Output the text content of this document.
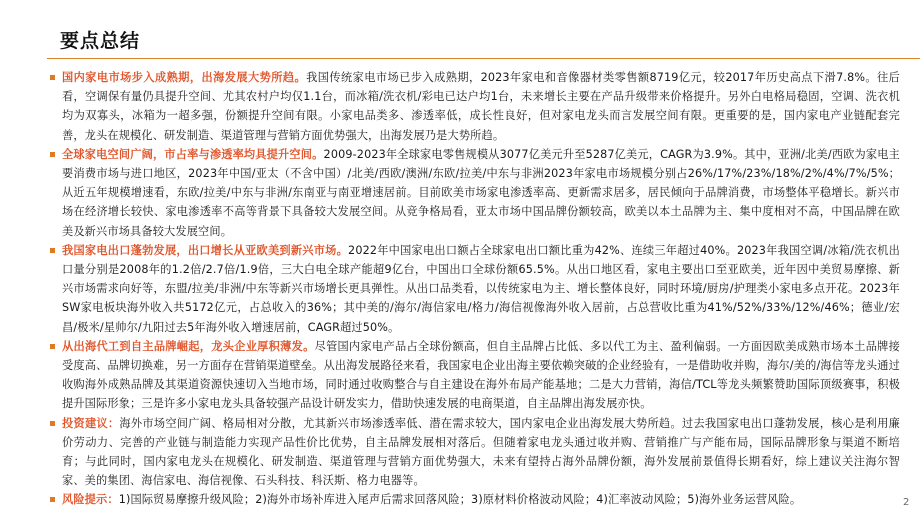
要点总结

国内家电市场步入成熟期，出海发展大势所趋。我国传统家电市场已步入成熟期，2023年家电和音像器材类零售额8719亿元，较2017年历史高点下滑7.8%。往后看，空调保有量仍具提升空间、尤其农村户均仅1.1台，而冰箱/洗衣机/彩电已达户均1台，未来增长主要在产品升级带来价格提升。另外白电格局稳固，空调、洗衣机均为双寡头，冰箱为一超多强，份额提升空间有限。小家电品类多、渗透率低，成长性良好，但对家电龙头而言发展空间有限。更重要的是，国内家电产业链配套完善，龙头在规模化、研发制造、渠道管理与营销方面优势强大，出海发展乃是大势所趋。

全球家电空间广阔，市占率与渗透率均具提升空间。2009-2023年全球家电零售规模从3077亿美元升至5287亿美元，CAGR为3.9%。其中，亚洲/北美/西欧为家电主要消费市场与进口地区，2023年中国/亚太（不含中国）/北美/西欧/澳洲/东欧/拉美/中东与非洲2023年家电市场规模分别占26%/17%/23%/18%/2%/4%/7%/5%；从近五年规模增速看，东欧/拉美/中东与非洲/东南亚与南亚增速居前。目前欧美市场家电渗透率高、更新需求居多，居民倾向于品牌消费，市场整体平稳增长。新兴市场在经济增长较快、家电渗透率不高等背景下具备较大发展空间。从竞争格局看，亚太市场中国品牌份额较高，欧美以本土品牌为主、集中度相对不高，中国品牌在欧美及新兴市场具备较大发展空间。

我国家电出口蓬勃发展，出口增长从亚欧美到新兴市场。2022年中国家电出口额占全球家电出口额比重为42%、连续三年超过40%。2023年我国空调/冰箱/洗衣机出口量分别是2008年的1.2倍/2.7倍/1.9倍，三大白电全球产能超9亿台，中国出口全球份额65.5%。从出口地区看，家电主要出口至亚欧美，近年因中美贸易摩擦、新兴市场需求向好等，东盟/拉美/非洲/中东等新兴市场增长更具弹性。从出口品类看，以传统家电为主、增长整体良好，同时环境/厨房/护理类小家电多点开花。2023年SW家电板块海外收入共5172亿元，占总收入的36%；其中美的/海尔/海信家电/格力/海信视像海外收入居前，占总营收比重为41%/52%/33%/12%/46%；德业/宏昌/极米/星帅尔/九阳过去5年海外收入增速居前，CAGR超过50%。

从出海代工到自主品牌崛起，龙头企业厚积薄发。尽管国内家电产品占全球份额高，但自主品牌占比低、多以代工为主、盈利偏弱。一方面因欧美成熟市场本土品牌接受度高、品牌切换难，另一方面存在营销渠道壁垒。从出海发展路径来看，我国家电企业出海主要依赖突破的企业经验有，一是借助收并购，海尔/美的/海信等龙头通过收购海外成熟品牌及其渠道资源快速切入当地市场，同时通过收购整合与自主建设在海外布局产能基地；二是大力营销，海信/TCL等龙头频繁赞助国际顶级赛事，积极提升国际形象；三是许多小家电龙头具备较强产品设计研发实力，借助快速发展的电商渠道，自主品牌出海发展亦快。

投资建议：海外市场空间广阔、格局相对分散，尤其新兴市场渗透率低、潜在需求较大，国内家电企业出海发展大势所趋。过去我国家电出口蓬勃发展，核心是利用廉价劳动力、完善的产业链与制造能力实现产品性价比优势，自主品牌发展相对落后。但随着家电龙头通过收并购、营销推广与产能布局，国际品牌形象与渠道不断培育；与此同时，国内家电龙头在规模化、研发制造、渠道管理与营销方面优势强大，未来有望持占海外品牌份额，海外发展前景值得长期看好，综上建议关注海尔智家、美的集团、海信家电、海信视像、石头科技、科沃斯、格力电器等。

风险提示：1)国际贸易摩擦升级风险；2)海外市场补库进入尾声后需求回落风险；3)原材料价格波动风险；4)汇率波动风险；5)海外业务运营风险。	2
